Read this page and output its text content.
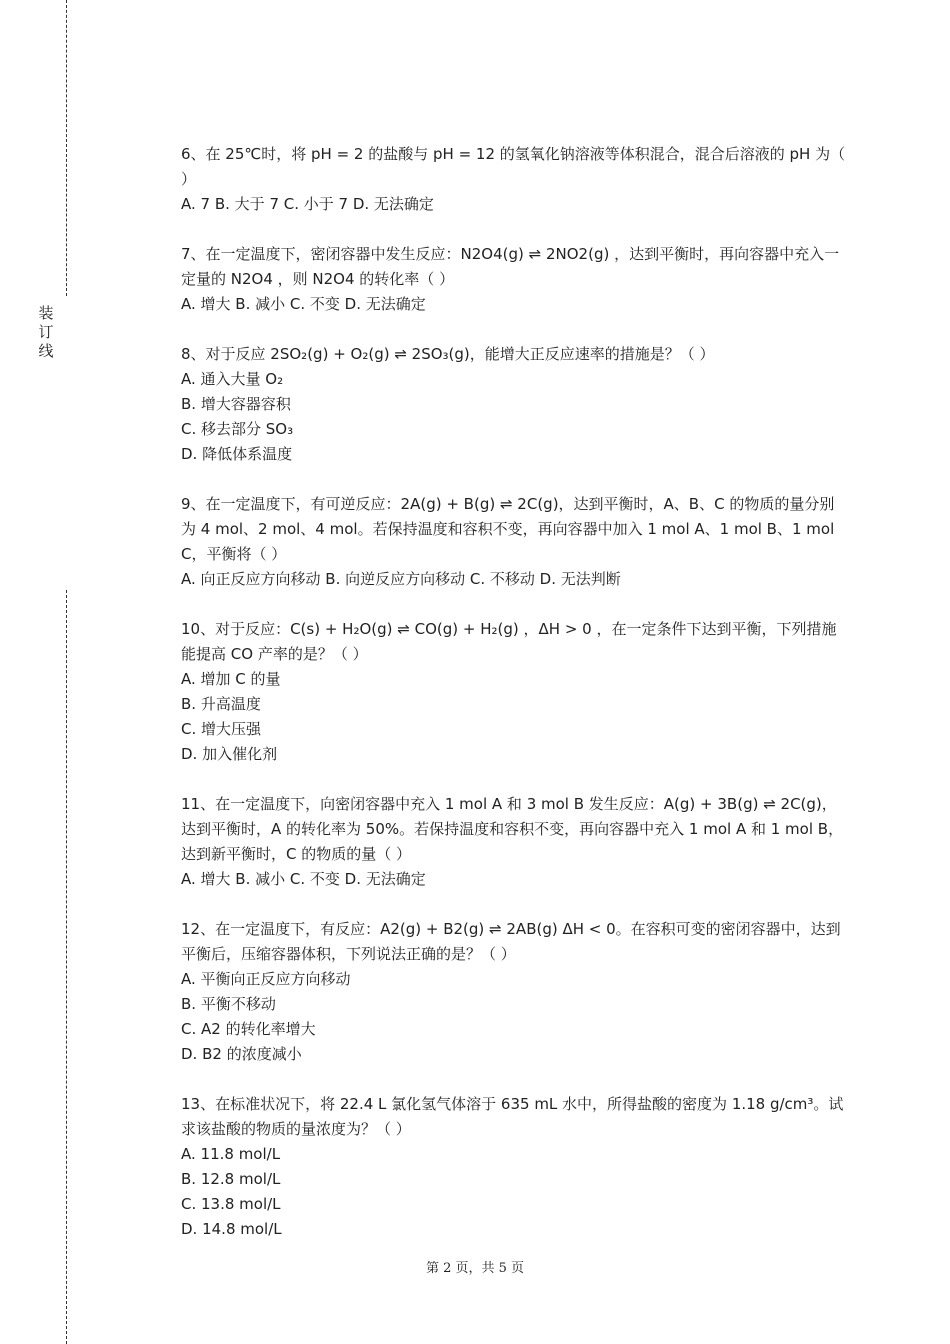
装
订
线
6、在 25℃时，将 pH = 2 的盐酸与 pH = 12 的氢氧化钠溶液等体积混合，混合后溶液的 pH 为（ ）
A. 7 B. 大于 7 C. 小于 7 D. 无法确定
7、在一定温度下，密闭容器中发生反应：N2O4(g) ⇌ 2NO2(g) ，达到平衡时，再向容器中充入一定量的 N2O4 ，则 N2O4 的转化率（ ）
A. 增大 B. 减小 C. 不变 D. 无法确定
8、对于反应 2SO₂(g) + O₂(g) ⇌ 2SO₃(g)，能增大正反应速率的措施是？（ ）
A. 通入大量 O₂
B. 增大容器容积
C. 移去部分 SO₃
D. 降低体系温度
9、在一定温度下，有可逆反应：2A(g) + B(g) ⇌ 2C(g)，达到平衡时，A、B、C 的物质的量分别为 4 mol、2 mol、4 mol。若保持温度和容积不变，再向容器中加入 1 mol A、1 mol B、1 mol C，平衡将（ ）
A. 向正反应方向移动 B. 向逆反应方向移动 C. 不移动 D. 无法判断
10、对于反应：C(s) + H₂O(g) ⇌ CO(g) + H₂(g) ，ΔH > 0 ，在一定条件下达到平衡，下列措施能提高 CO 产率的是？（ ）
A. 增加 C 的量
B. 升高温度
C. 增大压强
D. 加入催化剂
11、在一定温度下，向密闭容器中充入 1 mol A 和 3 mol B 发生反应：A(g) + 3B(g) ⇌ 2C(g)，达到平衡时，A 的转化率为 50%。若保持温度和容积不变，再向容器中充入 1 mol A 和 1 mol B，达到新平衡时，C 的物质的量（ ）
A. 增大 B. 减小 C. 不变 D. 无法确定
12、在一定温度下，有反应：A2(g) + B2(g) ⇌ 2AB(g) ΔH < 0。在容积可变的密闭容器中，达到平衡后，压缩容器体积，下列说法正确的是？（ ）
A. 平衡向正反应方向移动
B. 平衡不移动
C. A2 的转化率增大
D. B2 的浓度减小
13、在标准状况下，将 22.4 L 氯化氢气体溶于 635 mL 水中，所得盐酸的密度为 1.18 g/cm³。试求该盐酸的物质的量浓度为？（ ）
A. 11.8 mol/L
B. 12.8 mol/L
C. 13.8 mol/L
D. 14.8 mol/L
第 2 页，共 5 页
